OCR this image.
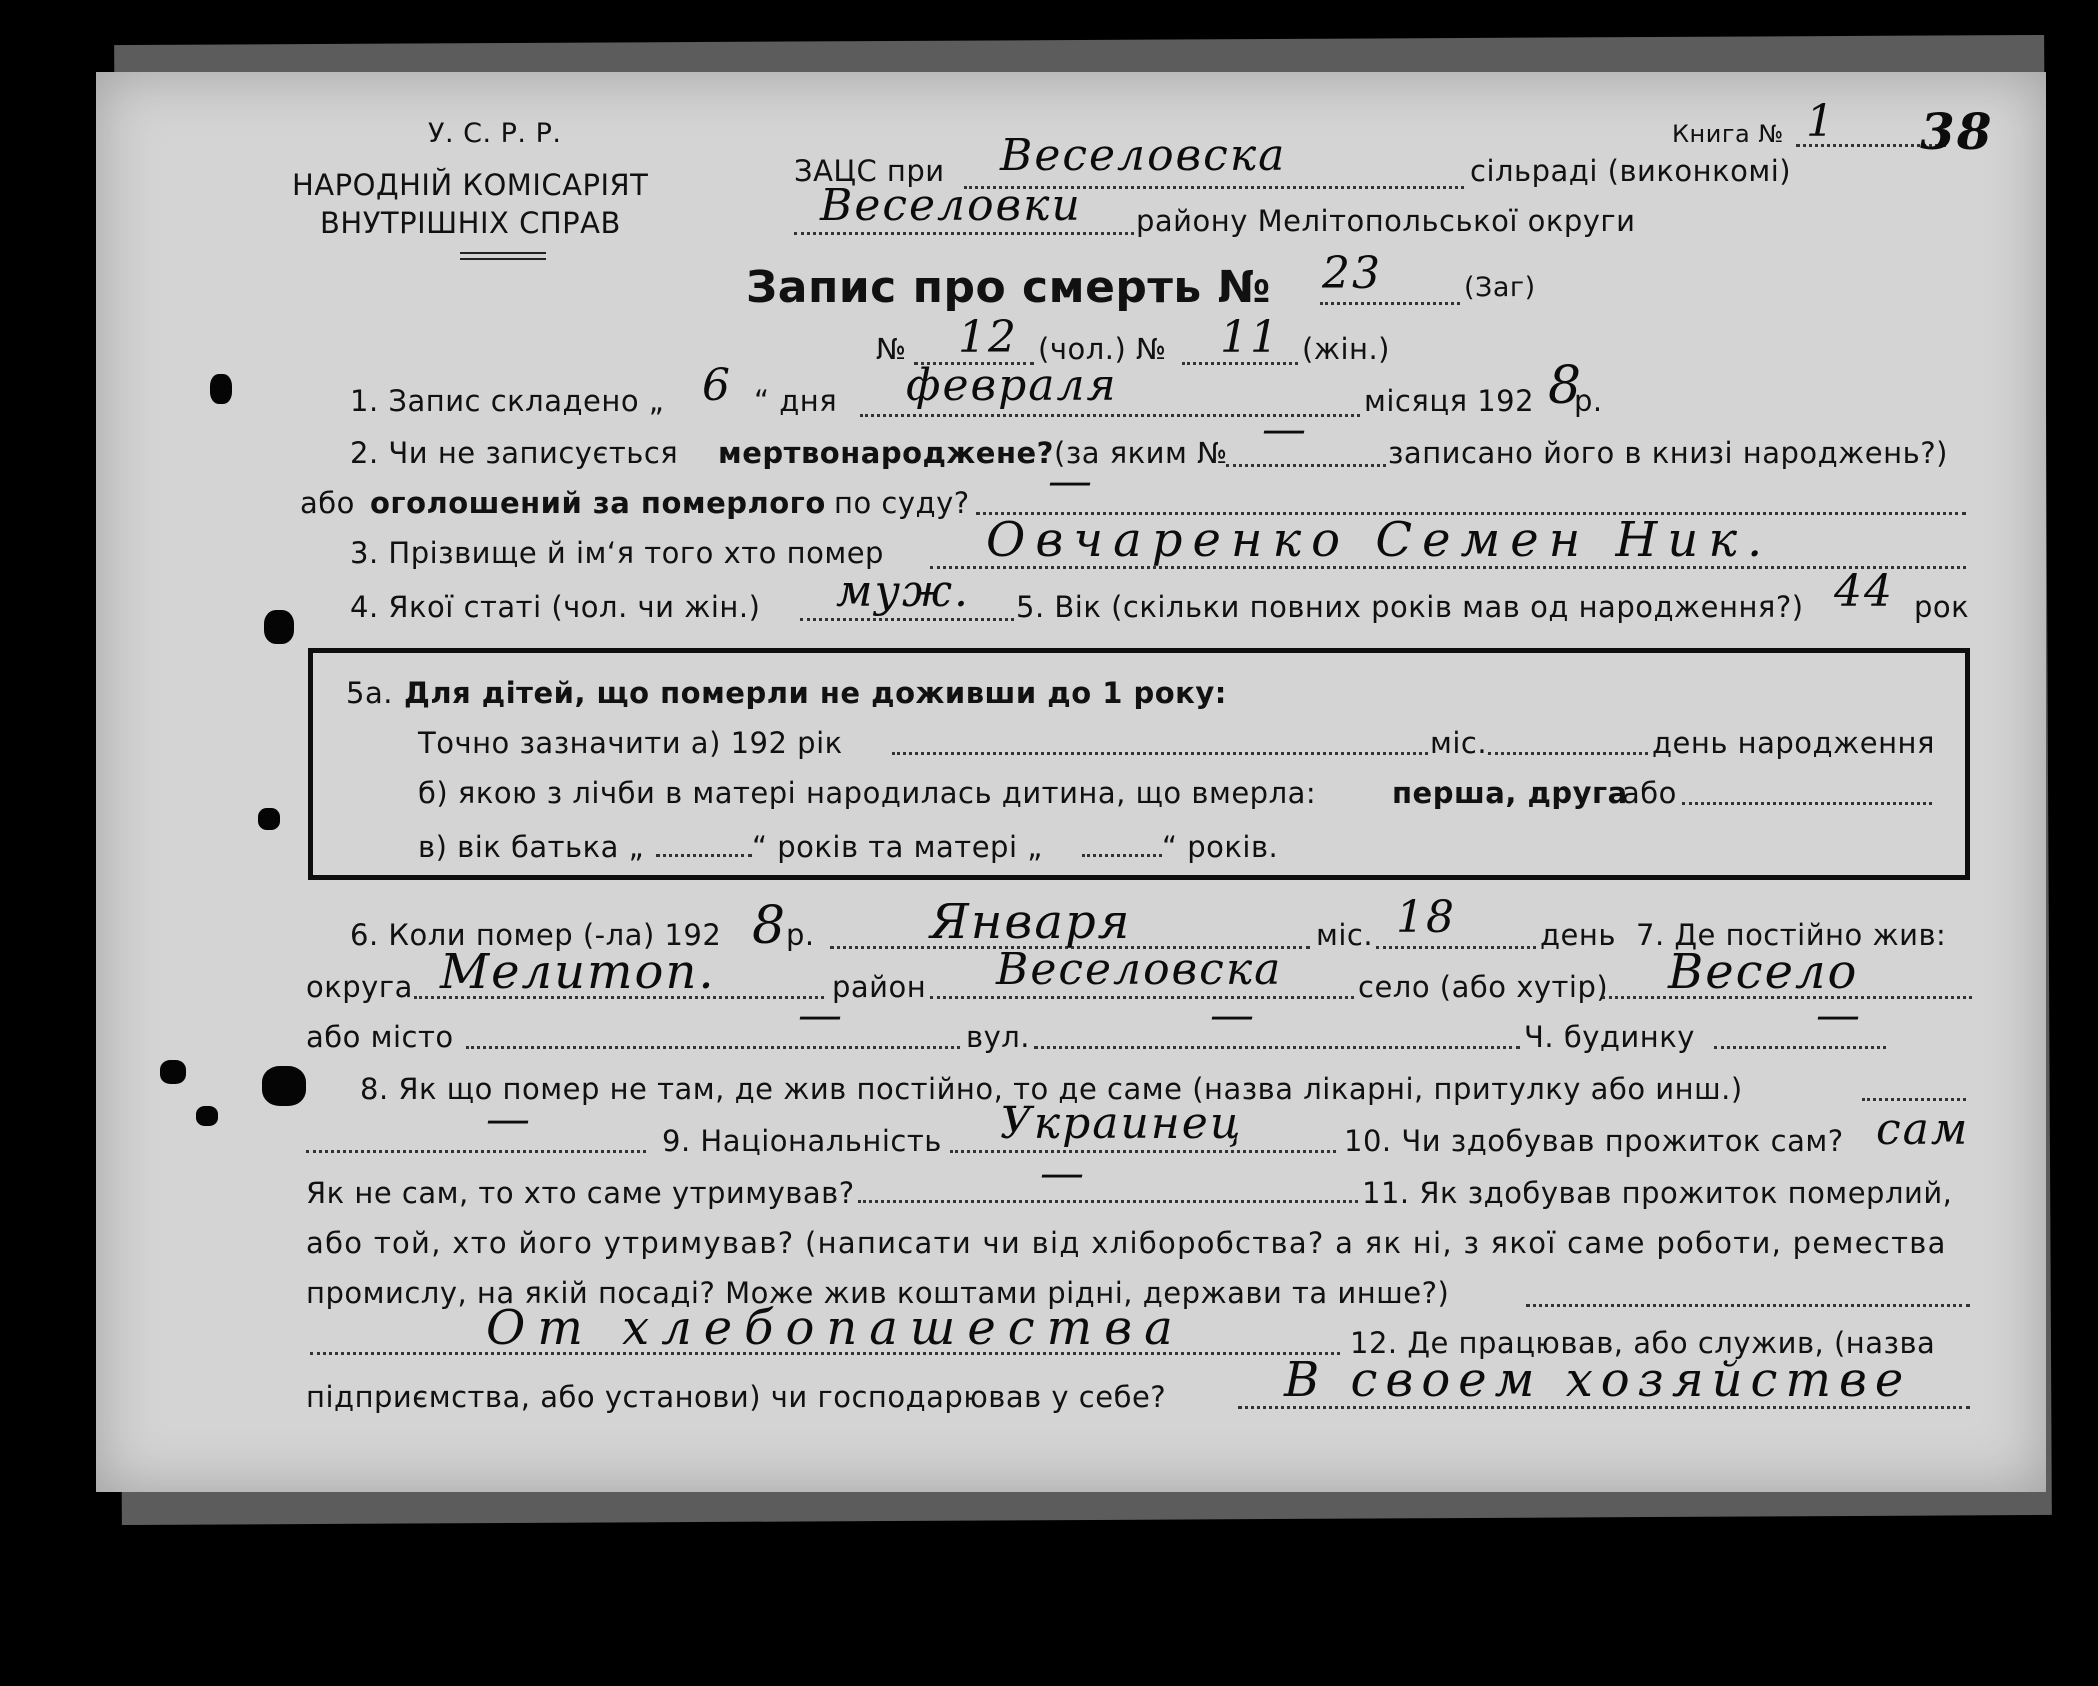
У. С. Р. Р.
НАРОДНІЙ КОМІСАРІЯТ
ВНУТРІШНІХ СПРАВ
ЗАЦС при Веселовска	сільраді (виконкомі)
Веселовки району Мелітопольської округи
Книга № 1 38
Запис про смерть № 23	(Заг)
№ 12 (чол.) № 11 (жін.)
1. Запис складено „ 6 “ дня февраля	місяця 192 8
р.
2. Чи не записується мертвонароджене? (за яким № —	записано його в книзі народжень?)
або оголошений за померлого по суду? —
3. Прізвище й ім‘я того хто помер Овчаренко Семен Ник.
4. Якої статі (чол. чи жін.) муж. 5. Вік (скільки повних років мав од народження?) 44 рок
5а. Для дітей, що померли не доживши до 1 року:
Точно зазначити а) 192 рік	міс.	день народження
б) якою з лічби в матері народилась дитина, що вмерла:	перша, друга
або
в) вік батька „	“ років та матері „	“ років.
6. Коли помер (-ла) 192 8
р. Января	міс. 18	день 7. Де постійно жив:
округа Мелитоп.	район Веселовска	село (або хутір) Весело
або місто	—	вул.	—	Ч. будинку	—
8. Як що помер не там, де жив постійно, то де саме (назва лікарні, притулку або инш.)
—	9. Національність Украинец	10. Чи здобував прожиток сам? сам
Як не сам, то хто саме утримував?	—	11. Як здобував прожиток померлий,
або той, хто його утримував? (написати чи від хліборобства? а як ні, з якої саме роботи, ремества
промислу, на якій посаді? Може жив коштами рідні, держави та инше?)
От хлебопашества	12. Де працював, або служив, (назва
підприємства, або установи) чи господарював у себе? В своем хозяйстве
